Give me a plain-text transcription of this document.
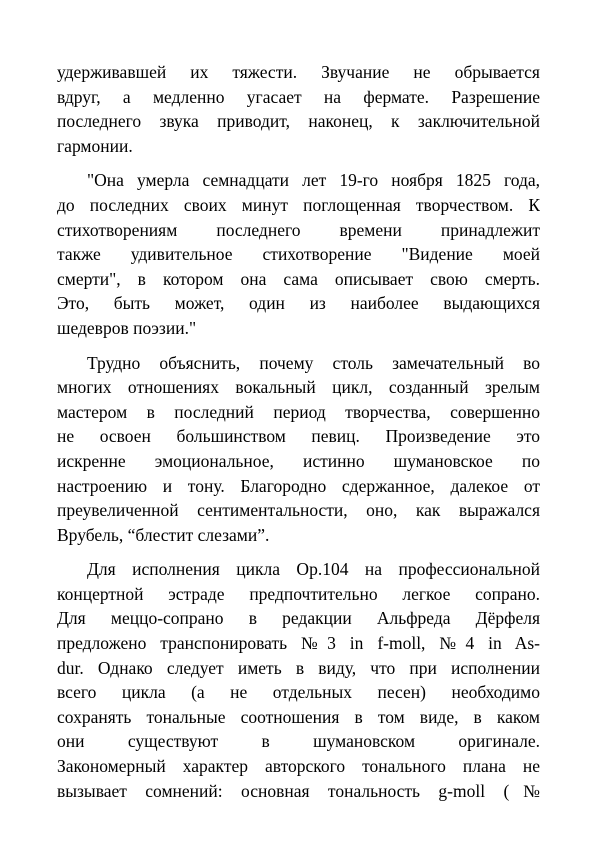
удерживавшей их тяжести. Звучание не обрывается
вдруг, а медленно угасает на фермате. Разрешение
последнего звука приводит, наконец, к заключительной
гармонии.
"Она умерла семнадцати лет 19-го ноября 1825 года,
до последних своих минут поглощенная творчеством. К
стихотворениям последнего времени принадлежит
также удивительное стихотворение "Видение моей
смерти", в котором она сама описывает свою смерть.
Это, быть может, один из наиболее выдающихся
шедевров поэзии."
Трудно объяснить, почему столь замечательный во
многих отношениях вокальный цикл, созданный зрелым
мастером в последний период творчества, совершенно
не освоен большинством певиц. Произведение это
искренне эмоциональное, истинно шумановское по
настроению и тону. Благородно сдержанное, далекое от
преувеличенной сентиментальности, оно, как выражался
Врубель, “блестит слезами”.
Для исполнения цикла Op.104 на профессиональной
концертной эстраде предпочтительно легкое сопрано.
Для меццо-сопрано в редакции Альфреда Дёрфеля
предложено транспонировать №3 in f-moll, №4 in As-
dur. Однако следует иметь в виду, что при исполнении
всего цикла (а не отдельных песен) необходимо
сохранять тональные соотношения в том виде, в каком
они существуют в шумановском оригинале.
Закономерный характер авторского тонального плана не
вызывает сомнений: основная тональность g-moll (№
